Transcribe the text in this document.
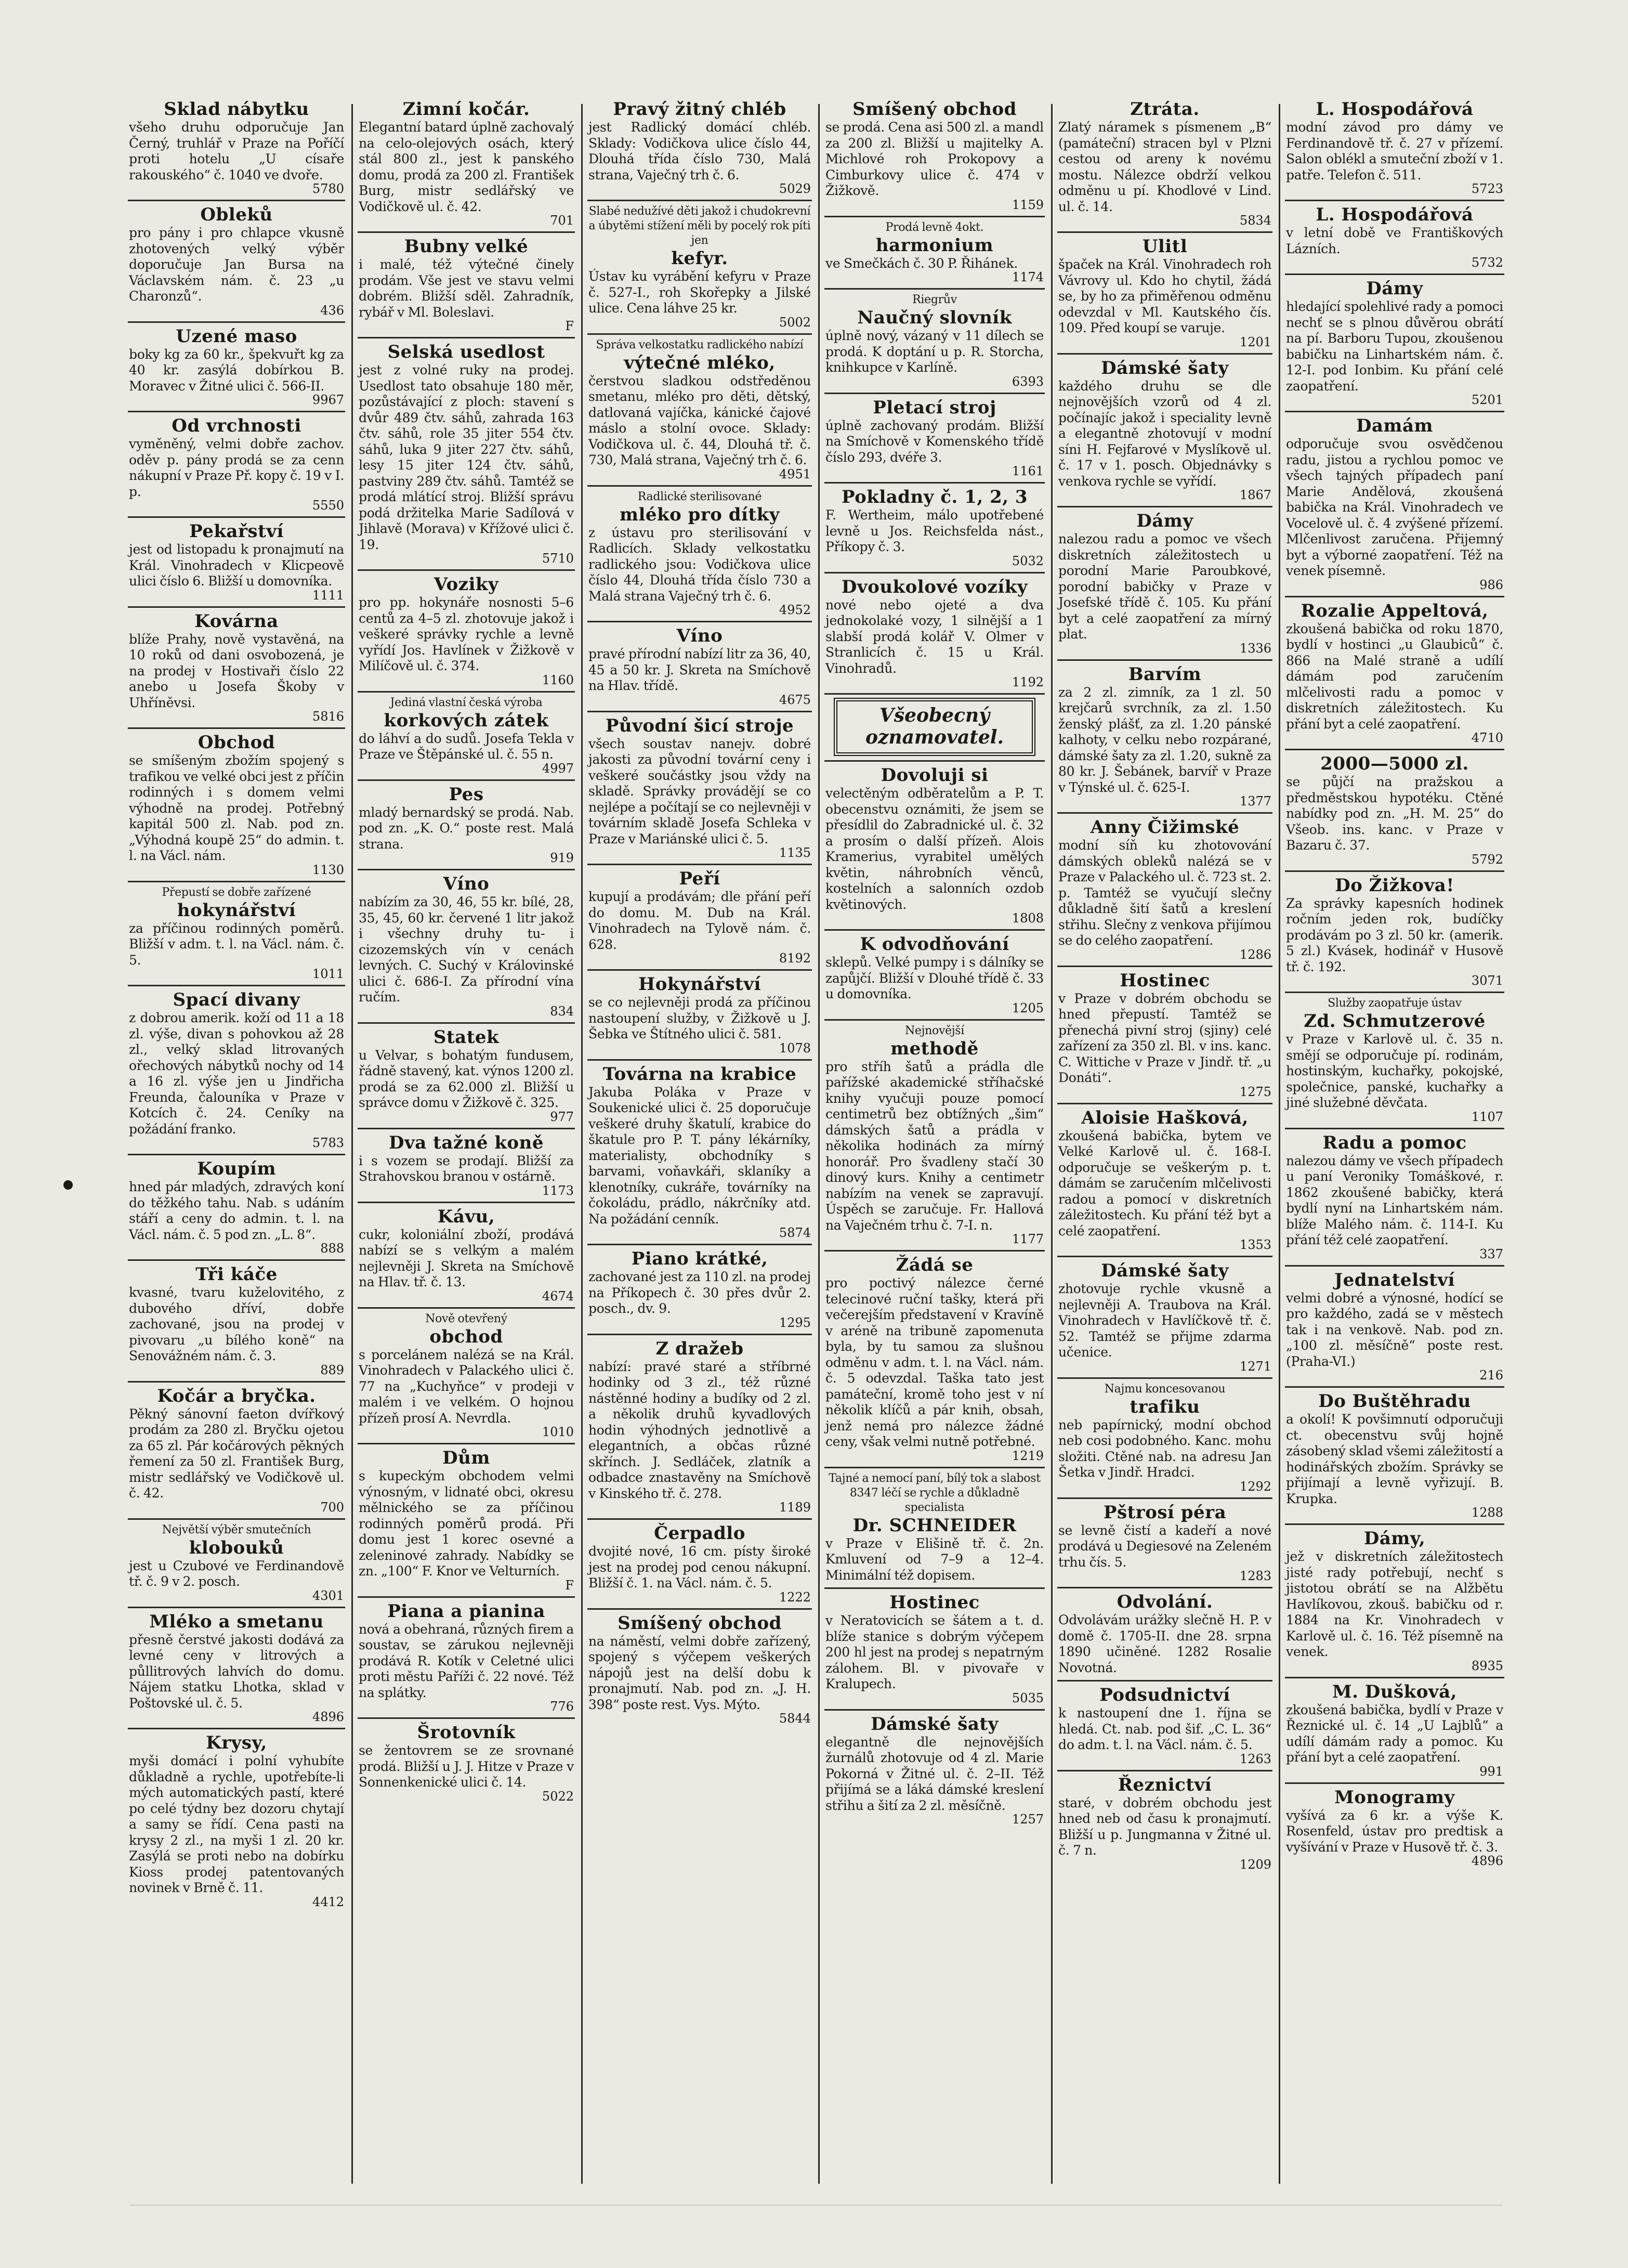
Sklad nábytku

všeho druhu odporučuje Jan Černý, truhlář v Praze na Poříčí proti hotelu „U císaře rakouského“ č. 1040 ve dvoře.

5780
Obleků

pro pány i pro chlapce vkusně zhotovených velký výběr doporučuje Jan Bursa na Václavském nám. č. 23 „u Charonzů“.

436
Uzené maso

boky kg za 60 kr., špekvuřt kg za 40 kr. zasýlá dobírkou B. Moravec v Žitné ulici č. 566-II.

9967
Od vrchnosti

vyměněný, velmi dobře zachov. oděv p. pány prodá se za cenn nákupní v Praze Př. kopy č. 19 v I. p.

5550
Pekařství

jest od listopadu k pronajmutí na Král. Vinohradech v Klicpeově ulici číslo 6. Bližší u domovníka.

1111
Kovárna

blíže Prahy, nově vystavěná, na 10 roků od dani osvobozená, je na prodej v Hostivaři číslo 22 anebo u Josefa Škoby v Uhříněvsi.

5816
Obchod

se smíšeným zbožím spojený s trafikou ve velké obci jest z příčin rodinných i s domem velmi výhodně na prodej. Potřebný kapitál 500 zl. Nab. pod zn. „Výhodná koupě 25“ do admin. t. l. na Václ. nám.

1130

Přepustí se dobře zařízené

hokynářství

za příčinou rodinných poměrů. Bližší v adm. t. l. na Václ. nám. č. 5.

1011
Spací divany

z dobrou amerik. koží od 11 a 18 zl. výše, divan s pohovkou až 28 zl., velký sklad litrovaných ořechových nábytků nochy od 14 a 16 zl. výše jen u Jindřicha Freunda, čalouníka v Praze v Kotcích č. 24. Ceníky na požádání franko.

5783
Koupím

hned pár mladých, zdravých koní do těžkého tahu. Nab. s udáním stáří a ceny do admin. t. l. na Václ. nám. č. 5 pod zn. „L. 8“.

888
Tři káče

kvasné, tvaru kuželovitého, z dubového dříví, dobře zachované, jsou na prodej v pivovaru „u bílého koně“ na Senovážném nám. č. 3.

889
Kočár a bryčka.

Pěkný sánovní faeton dvířkový prodám za 280 zl. Bryčku ojetou za 65 zl. Pár kočárových pěkných řemení za 50 zl. František Burg, mistr sedlářský ve Vodičkově ul. č. 42.

700

Největší výběr smutečních

klobouků

jest u Czubové ve Ferdinandově tř. č. 9 v 2. posch.

4301
Mléko a smetanu

přesně čerstvé jakosti dodává za levné ceny v litrových a půllitrových lahvích do domu. Nájem statku Lhotka, sklad v Poštovské ul. č. 5.

4896
Krysy,

myši domácí i polní vyhubíte důkladně a rychle, upotřebíte-li mých automatických pastí, které po celé týdny bez dozoru chytají a samy se řídí. Cena pasti na krysy 2 zl., na myši 1 zl. 20 kr. Zasýlá se proti nebo na dobírku Kioss prodej patentovaných novinek v Brně č. 11.

4412
Zimní kočár.

Elegantní batard úplně zachovalý na celo-olejových osách, který stál 800 zl., jest k panského domu, prodá za 200 zl. František Burg, mistr sedlářský ve Vodičkově ul. č. 42.

701
Bubny velké

i malé, též výtečné činely prodám. Vše jest ve stavu velmi dobrém. Bližší sděl. Zahradník, rybář v Ml. Boleslavi.

F
Selská usedlost

jest z volné ruky na prodej. Usedlost tato obsahuje 180 měr, pozůstávající z ploch: stavení s dvůr 489 čtv. sáhů, zahrada 163 čtv. sáhů, role 35 jiter 554 čtv. sáhů, luka 9 jiter 227 čtv. sáhů, lesy 15 jiter 124 čtv. sáhů, pastviny 289 čtv. sáhů. Tamtéž se prodá mlátící stroj. Bližší správu podá držitelka Marie Sadílová v Jihlavě (Morava) v Křížové ulici č. 19.

5710
Voziky

pro pp. hokynáře nosnosti 5–6 centů za 4–5 zl. zhotovuje jakož i veškeré správky rychle a levně vyřídí Jos. Havlínek v Žižkově v Milíčově ul. č. 374.

1160

Jediná vlastní česká výroba

korkových zátek

do láhví a do sudů. Josefa Tekla v Praze ve Štěpánské ul. č. 55 n.

4997
Pes

mladý bernardský se prodá. Nab. pod zn. „K. O.“ poste rest. Malá strana.

919
Víno

nabízím za 30, 46, 55 kr. bílé, 28, 35, 45, 60 kr. červené 1 litr jakož i všechny druhy tu- i cizozemských vín v cenách levných. C. Suchý v Královinské ulici č. 686-I. Za přírodní vína ručím.

834
Statek

u Velvar, s bohatým fundusem, řádně stavený, kat. výnos 1200 zl. prodá se za 62.000 zl. Bližší u správce domu v Žižkově č. 325.

977
Dva tažné koně

i s vozem se prodají. Bližší za Strahovskou branou v ostárně.

1173
Kávu,

cukr, koloniální zboží, prodává nabízí se s velkým a malém nejlevněji J. Skreta na Smíchově na Hlav. tř. č. 13.

4674

Nově otevřený

obchod

s porcelánem nalézá se na Král. Vinohradech v Palackého ulici č. 77 na „Kuchyňce“ v prodeji v malém i ve velkém. O hojnou přízeň prosí A. Nevrdla.

1010
Dům

s kupeckým obchodem velmi výnosným, v lidnaté obci, okresu mělnického se za příčinou rodinných poměrů prodá. Při domu jest 1 korec osevné a zeleninové zahrady. Nabídky se zn. „100“ F. Knor ve Velturních.

F
Piana a pianina

nová a obehraná, různých firem a soustav, se zárukou nejlevněji prodává R. Kotík v Celetné ulici proti městu Paříži č. 22 nové. Též na splátky.

776
Šrotovník

se žentovrem se ze srovnané prodá. Bližší u J. J. Hitze v Praze v Sonnenkenické ulici č. 14.

5022
Pravý žitný chléb

jest Radlický domácí chléb. Sklady: Vodičkova ulice číslo 44, Dlouhá třída číslo 730, Malá strana, Vaječný trh č. 6.

5029

Slabé nedužívé děti jakož i chudokrevní a úbytěmi stížení měli by pocelý rok píti jen

kefyr.

Ústav ku vyrábění kefyru v Praze č. 527-I., roh Skořepky a Jilské ulice. Cena láhve 25 kr.

5002

Správa velkostatku radlického nabízí

výtečné mléko,

čerstvou sladkou odstředěnou smetanu, mléko pro děti, dětský, datlovaná vajíčka, kánické čajové máslo a stolní ovoce. Sklady: Vodičkova ul. č. 44, Dlouhá tř. č. 730, Malá strana, Vaječný trh č. 6.

4951

Radlické sterilisované

mléko pro dítky

z ústavu pro sterilisování v Radlicích. Sklady velkostatku radlického jsou: Vodičkova ulice číslo 44, Dlouhá třída číslo 730 a Malá strana Vaječný trh č. 6.

4952
Víno

pravé přírodní nabízí litr za 36, 40, 45 a 50 kr. J. Skreta na Smíchově na Hlav. třídě.

4675
Původní šicí stroje

všech soustav nanejv. dobré jakosti za původní tovární ceny i veškeré součástky jsou vždy na skladě. Správky provádějí se co nejlépe a počítají se co nejlevněji v továrním skladě Josefa Schleka v Praze v Mariánské ulici č. 5.

1135
Peří

kupují a prodávám; dle přání peří do domu. M. Dub na Král. Vinohradech na Tylově nám. č. 628.

8192
Hokynářství

se co nejlevněji prodá za příčinou nastoupení služby, v Žižkově u J. Šebka ve Štítného ulici č. 581.

1078
Továrna na krabice

Jakuba Poláka v Praze v Soukenické ulici č. 25 doporučuje veškeré druhy škatulí, krabice do škatule pro P. T. pány lékárníky, materialisty, obchodníky s barvami, voňavkáři, sklaníky a klenotníky, cukráře, továrníky na čokoládu, prádlo, nákrčníky atd. Na požádání cenník.

5874
Piano krátké,

zachované jest za 110 zl. na prodej na Příkopech č. 30 přes dvůr 2. posch., dv. 9.

1295
Z dražeb

nabízí: pravé staré a stříbrné hodinky od 3 zl., též různé nástěnné hodiny a budíky od 2 zl. a několik druhů kyvadlových hodin výhodných jednotlivě a elegantních, a občas různé skřínch. J. Sedláček, zlatník a odbadce znastavěny na Smíchově v Kinského tř. č. 278.

1189
Čerpadlo

dvojité nové, 16 cm. písty široké jest na prodej pod cenou nákupní. Bližší č. 1. na Václ. nám. č. 5.

1222
Smíšený obchod

na náměstí, velmi dobře zařízený, spojený s výčepem veškerých nápojů jest na delší dobu k pronajmutí. Nab. pod zn. „J. H. 398“ poste rest. Vys. Mýto.

5844
Smíšený obchod

se prodá. Cena asi 500 zl. a mandl za 200 zl. Bližší u majitelky A. Michlové roh Prokopovy a Cimburkovy ulice č. 474 v Žižkově.

1159

Prodá levně 4okt.

harmonium

ve Smečkách č. 30 P. Řihánek.

1174

Riegrův

Naučný slovník

úplně nový, vázaný v 11 dílech se prodá. K doptání u p. R. Storcha, knihkupce v Karlíně.

6393
Pletací stroj

úplně zachovaný prodám. Bližší na Smíchově v Komenského třídě číslo 293, dvéře 3.

1161
Pokladny č. 1, 2, 3

F. Wertheim, málo upotřebené levně u Jos. Reichsfelda nást., Příkopy č. 3.

5032
Dvoukolové vozíky

nové nebo ojeté a dva jednokolaké vozy, 1 silnější a 1 slabší prodá kolář V. Olmer v Stranlicích č. 15 u Král. Vinohradů.

1192
Všeobecný oznamovatel.
Dovoluji si

velectěným odběratelům a P. T. obecenstvu oznámiti, že jsem se přesídlil do Zabradnické ul. č. 32 a prosím o další přízeň. Alois Kramerius, vyrabitel umělých květin, náhrobních věnců, kostelních a salonních ozdob květinových.

1808
K odvodňování

sklepů. Velké pumpy i s dálníky se zapůjčí. Bližší v Dlouhé třídě č. 33 u domovníka.

1205

Nejnovější

methodě

pro stříh šatů a prádla dle pařížské akademické stříhačské knihy vyučuji pouze pomocí centimetrů bez obtížných „šim“ dámských šatů a prádla v několika hodinách za mírný honorář. Pro švadleny stačí 30 dinový kurs. Knihy a centimetr nabízím na venek se zapravují. Úspěch se zaručuje. Fr. Hallová na Vaječném trhu č. 7-I. n.

1177
Žádá se

pro poctivý nálezce černé telecinové ruční tašky, která při večerejším představení v Kravíně v aréně na tribuně zapomenuta byla, by tu samou za slušnou odměnu v adm. t. l. na Václ. nám. č. 5 odevzdal. Taška tato jest památeční, kromě toho jest v ní několik klíčů a pár knih, obsah, jenž nemá pro nálezce žádné ceny, však velmi nutně potřebné.

1219

Tajné a nemocí paní, bílý tok a slabost 8347 léčí se rychle a důkladně specialista

Dr. SCHNEIDER

v Praze v Elišině tř. č. 2n. Kmluvení od 7–9 a 12–4. Minimální též dopisem.

Hostinec

v Neratovicích se šátem a t. d. blíže stanice s dobrým výčepem 200 hl jest na prodej s nepatrným zálohem. Bl. v pivovaře v Kralupech.

5035
Dámské šaty

elegantně dle nejnovějších žurnálů zhotovuje od 4 zl. Marie Pokorná v Žitné ul. č. 2–II. Též přijímá se a láká dámské kreslení střihu a šití za 2 zl. měsíčně.

1257
Ztráta.

Zlatý náramek s písmenem „B“ (památeční) stracen byl v Plzni cestou od areny k novému mostu. Nálezce obdrží velkou odměnu u pí. Khodlové v Lind. ul. č. 14.

5834
Ulitl

špaček na Král. Vinohradech roh Vávrovy ul. Kdo ho chytil, žádá se, by ho za přiměřenou odměnu odevzdal v Ml. Kautského čís. 109. Před koupí se varuje.

1201
Dámské šaty

každého druhu se dle nejnovějších vzorů od 4 zl. počínajíc jakož i speciality levně a elegantně zhotovují v modní síni H. Fejfarové v Myslíkově ul. č. 17 v 1. posch. Objednávky s venkova rychle se vyřídí.

1867
Dámy

nalezou radu a pomoc ve všech diskretních záležitostech u porodní Marie Paroubkové, porodní babičky v Praze v Josefské třídě č. 105. Ku přání byt a celé zaopatření za mírný plat.

1336
Barvím

za 2 zl. zimník, za 1 zl. 50 krejčarů svrchník, za zl. 1.50 ženský plášť, za zl. 1.20 pánské kalhoty, v celku nebo rozpárané, dámské šaty za zl. 1.20, sukně za 80 kr. J. Šebánek, barvíř v Praze v Týnské ul. č. 625-I.

1377
Anny Čižimské

modní síň ku zhotovování dámských obleků nalézá se v Praze v Palackého ul. č. 723 st. 2. p. Tamtéž se vyučují slečny důkladně šití šatů a kreslení střihu. Slečny z venkova přijímou se do celého zaopatření.

1286
Hostinec

v Praze v dobrém obchodu se hned přepustí. Tamtéž se přenechá pivní stroj (sjiny) celé zařízení za 350 zl. Bl. v ins. kanc. C. Wittiche v Praze v Jindř. tř. „u Donáti“.

1275
Aloisie Hašková,

zkoušená babička, bytem ve Velké Karlově ul. č. 168-I. odporučuje se veškerým p. t. dámám se zaručením mlčelivosti radou a pomocí v diskretních záležitostech. Ku přání též byt a celé zaopatření.

1353
Dámské šaty

zhotovuje rychle vkusně a nejlevněji A. Traubova na Král. Vinohradech v Havlíčkově tř. č. 52. Tamtéž se přijme zdarma učenice.

1271

Najmu koncesovanou

trafiku

neb papírnický, modní obchod neb cosi podobného. Kanc. mohu složiti. Ctěné nab. na adresu Jan Šetka v Jindř. Hradci.

1292
Pštrosí péra

se levně čistí a kadeří a nové prodává u Degiesové na Zeleném trhu čís. 5.

1283
Odvolání.

Odvolávám urážky slečně H. P. v domě č. 1705-II. dne 28. srpna 1890 učiněné. 1282 Rosalie Novotná.

Podsudnictví

k nastoupení dne 1. října se hledá. Ct. nab. pod šif. „C. L. 36“ do adm. t. l. na Václ. nám. č. 5.

1263
Řeznictví

staré, v dobrém obchodu jest hned neb od času k pronajmutí. Bližší u p. Jungmanna v Žitné ul. č. 7 n.

1209
L. Hospodářová

modní závod pro dámy ve Ferdinandově tř. č. 27 v přízemí. Salon oblékl a smuteční zboží v 1. patře. Telefon č. 511.

5723
L. Hospodářová

v letní době ve Františkových Lázních.

5732
Dámy

hledající spolehlivé rady a pomoci nechť se s plnou důvěrou obrátí na pí. Barboru Tupou, zkoušenou babičku na Linhartském nám. č. 12-I. pod Ionbim. Ku přání celé zaopatření.

5201
Damám

odporučuje svou osvědčenou radu, jistou a rychlou pomoc ve všech tajných případech paní Marie Andělová, zkoušená babička na Král. Vinohradech ve Vocelově ul. č. 4 zvýšené přízemí. Mlčenlivost zaručena. Přijemný byt a výborné zaopatření. Též na venek písemně.

986
Rozalie Appeltová,

zkoušená babička od roku 1870, bydlí v hostinci „u Glaubiců“ č. 866 na Malé straně a udílí dámám pod zaručením mlčelivosti radu a pomoc v diskretních záležitostech. Ku přání byt a celé zaopatření.

4710
2000—5000 zl.

se půjčí na pražskou a předměstskou hypotéku. Ctěné nabídky pod zn. „H. M. 25“ do Všeob. ins. kanc. v Praze v Bazaru č. 37.

5792
Do Žižkova!

Za správky kapesních hodinek ročním jeden rok, budíčky prodávám po 3 zl. 50 kr. (amerik. 5 zl.) Kvásek, hodinář v Husově tř. č. 192.

3071

Služby zaopatřuje ústav

Zd. Schmutzerové

v Praze v Karlově ul. č. 35 n. smějí se odporučuje pí. rodinám, hostinským, kuchařky, pokojské, společnice, panské, kuchařky a jiné služebné děvčata.

1107
Radu a pomoc

nalezou dámy ve všech případech u paní Veroniky Tomáškové, r. 1862 zkoušené babičky, která bydlí nyní na Linhartském nám. blíže Malého nám. č. 114-I. Ku přání též celé zaopatření.

337
Jednatelství

velmi dobré a výnosné, hodící se pro každého, zadá se v městech tak i na venkově. Nab. pod zn. „100 zl. měsíčně“ poste rest. (Praha-VI.)

216
Do Buštěhradu

a okolí! K povšimnutí odporučuji ct. obecenstvu svůj hojně zásobený sklad všemi záležitostí a hodinářských zbožím. Správky se přijímají a levně vyřizují. B. Krupka.

1288
Dámy,

jež v diskretních záležitostech jisté rady potřebují, nechť s jistotou obrátí se na Alžbětu Havlíkovou, zkouš. babičku od r. 1884 na Kr. Vinohradech v Karlově ul. č. 16. Též písemně na venek.

8935
M. Dušková,

zkoušená babička, bydlí v Praze v Řeznické ul. č. 14 „U Lajblů“ a udílí dámám rady a pomoc. Ku přání byt a celé zaopatření.

991
Monogramy

vyšívá za 6 kr. a výše K. Rosenfeld, ústav pro predtisk a vyšívání v Praze v Husově tř. č. 3.

4896
